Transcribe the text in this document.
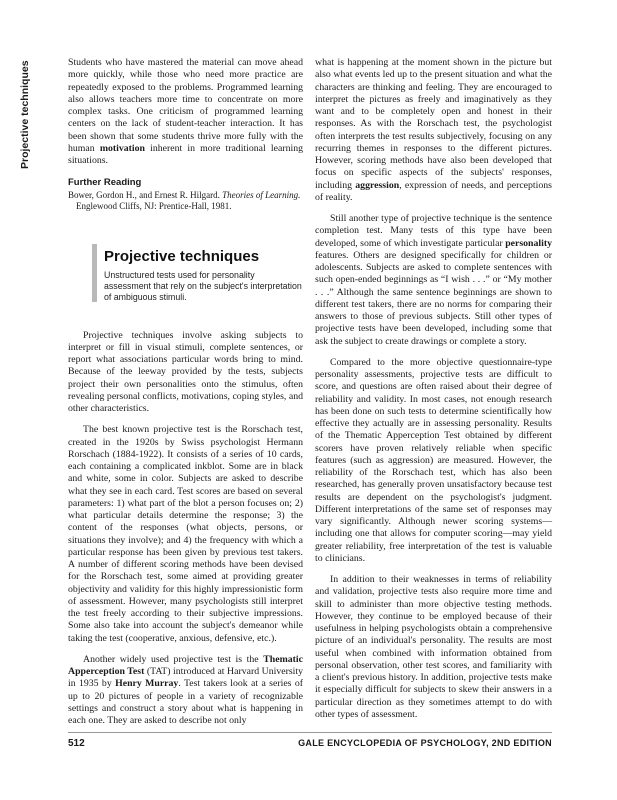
Projective techniques	Students who have mastered the material can move ahead more quickly, while those who need more practice are repeatedly exposed to the problems. Programmed learning also allows teachers more time to concentrate on more complex tasks. One criticism of programmed learning centers on the lack of student-teacher interaction. It has been shown that some students thrive more fully with the human motivation inherent in more traditional learning situations.

Further Reading

Bower, Gordon H., and Ernest R. Hilgard. Theories of Learning. Englewood Cliffs, NJ: Prentice-Hall, 1981.

Projective techniques
Unstructured tests used for personality assessment that rely on the subject's interpretation of ambiguous stimuli.

Projective techniques involve asking subjects to interpret or fill in visual stimuli, complete sentences, or report what associations particular words bring to mind. Because of the leeway provided by the tests, subjects project their own personalities onto the stimulus, often revealing personal conflicts, motivations, coping styles, and other characteristics.

The best known projective test is the Rorschach test, created in the 1920s by Swiss psychologist Hermann Rorschach (1884-1922). It consists of a series of 10 cards, each containing a complicated inkblot. Some are in black and white, some in color. Subjects are asked to describe what they see in each card. Test scores are based on several parameters: 1) what part of the blot a person focuses on; 2) what particular details determine the response; 3) the content of the responses (what objects, persons, or situations they involve); and 4) the frequency with which a particular response has been given by previous test takers. A number of different scoring methods have been devised for the Rorschach test, some aimed at providing greater objectivity and validity for this highly impressionistic form of assessment. However, many psychologists still interpret the test freely according to their subjective impressions. Some also take into account the subject's demeanor while taking the test (cooperative, anxious, defensive, etc.).

Another widely used projective test is the Thematic Apperception Test (TAT) introduced at Harvard University in 1935 by Henry Murray. Test takers look at a series of up to 20 pictures of people in a variety of recognizable settings and construct a story about what is happening in each one. They are asked to describe not only

what is happening at the moment shown in the picture but also what events led up to the present situation and what the characters are thinking and feeling. They are encouraged to interpret the pictures as freely and imaginatively as they want and to be completely open and honest in their responses. As with the Rorschach test, the psychologist often interprets the test results subjectively, focusing on any recurring themes in responses to the different pictures. However, scoring methods have also been developed that focus on specific aspects of the subjects' responses, including aggression, expression of needs, and perceptions of reality.

Still another type of projective technique is the sentence completion test. Many tests of this type have been developed, some of which investigate particular personality features. Others are designed specifically for children or adolescents. Subjects are asked to complete sentences with such open-ended beginnings as “I wish . . .” or “My mother . . .” Although the same sentence beginnings are shown to different test takers, there are no norms for comparing their answers to those of previous subjects. Still other types of projective tests have been developed, including some that ask the subject to create drawings or complete a story.

Compared to the more objective questionnaire-type personality assessments, projective tests are difficult to score, and questions are often raised about their degree of reliability and validity. In most cases, not enough research has been done on such tests to determine scientifically how effective they actually are in assessing personality. Results of the Thematic Apperception Test obtained by different scorers have proven relatively reliable when specific features (such as aggression) are measured. However, the reliability of the Rorschach test, which has also been researched, has generally proven unsatisfactory because test results are dependent on the psychologist's judgment. Different interpretations of the same set of responses may vary significantly. Although newer scoring systems—including one that allows for computer scoring—may yield greater reliability, free interpretation of the test is valuable to clinicians.

In addition to their weaknesses in terms of reliability and validation, projective tests also require more time and skill to administer than more objective testing methods. However, they continue to be employed because of their usefulness in helping psychologists obtain a comprehensive picture of an individual's personality. The results are most useful when combined with information obtained from personal observation, other test scores, and familiarity with a client's previous history. In addition, projective tests make it especially difficult for subjects to skew their answers in a particular direction as they sometimes attempt to do with other types of assessment.

512	GALE ENCYCLOPEDIA OF PSYCHOLOGY, 2ND EDITION
